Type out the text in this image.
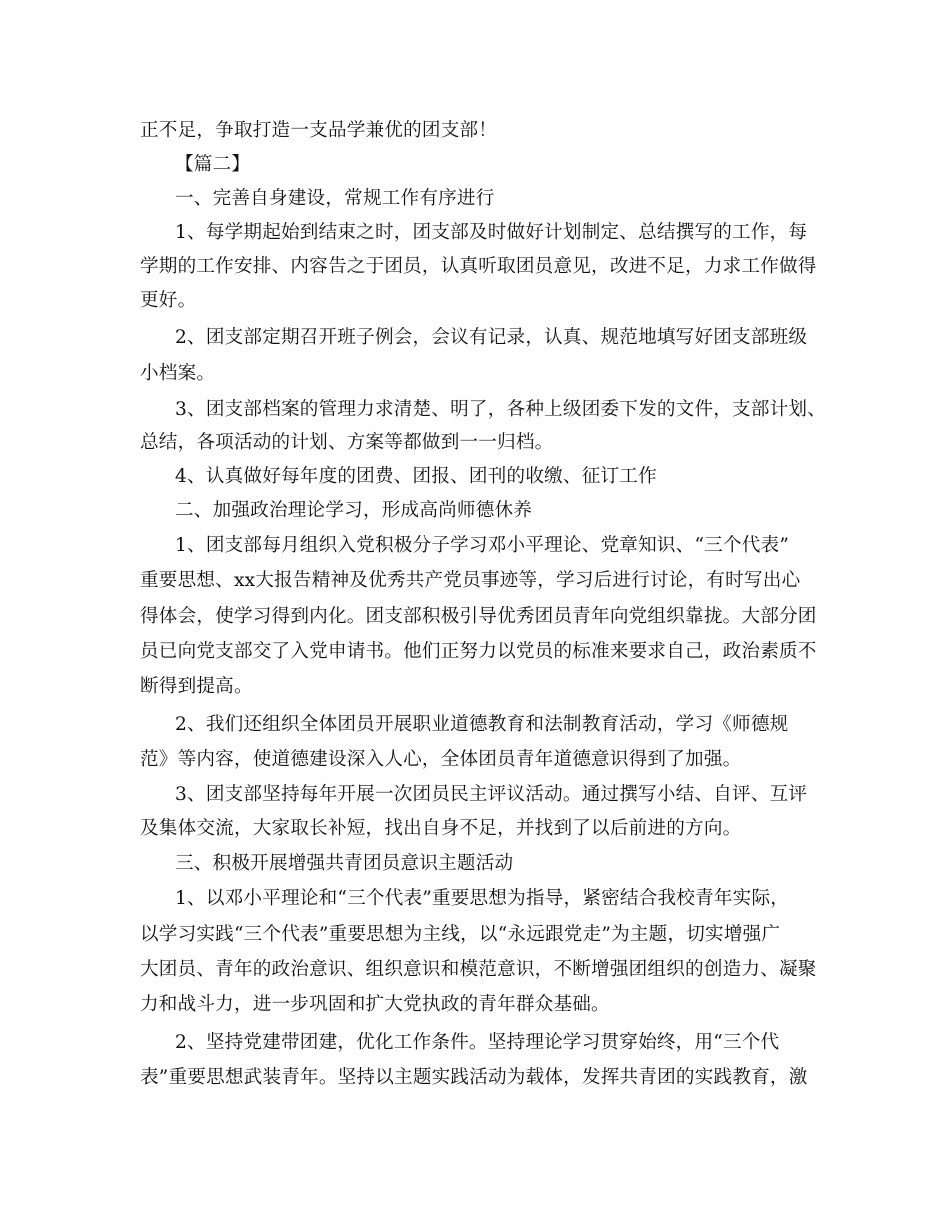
正不足，争取打造一支品学兼优的团支部！
【篇二】
一、完善自身建设，常规工作有序进行
1、每学期起始到结束之时，团支部及时做好计划制定、总结撰写的工作，每
学期的工作安排、内容告之于团员，认真听取团员意见，改进不足，力求工作做得
更好。
2、团支部定期召开班子例会，会议有记录，认真、规范地填写好团支部班级
小档案。
3、团支部档案的管理力求清楚、明了，各种上级团委下发的文件，支部计划、
总结，各项活动的计划、方案等都做到一一归档。
4、认真做好每年度的团费、团报、团刊的收缴、征订工作
二、加强政治理论学习，形成高尚师德休养
1、团支部每月组织入党积极分子学习邓小平理论、党章知识、“三个代表”
重要思想、xx大报告精神及优秀共产党员事迹等，学习后进行讨论，有时写出心
得体会，使学习得到内化。团支部积极引导优秀团员青年向党组织靠拢。大部分团
员已向党支部交了入党申请书。他们正努力以党员的标准来要求自己，政治素质不
断得到提高。
2、我们还组织全体团员开展职业道德教育和法制教育活动，学习《师德规
范》等内容，使道德建设深入人心，全体团员青年道德意识得到了加强。
3、团支部坚持每年开展一次团员民主评议活动。通过撰写小结、自评、互评
及集体交流，大家取长补短，找出自身不足，并找到了以后前进的方向。
三、积极开展增强共青团员意识主题活动
1、以邓小平理论和“三个代表”重要思想为指导，紧密结合我校青年实际，
以学习实践“三个代表”重要思想为主线，以“永远跟党走”为主题，切实增强广
大团员、青年的政治意识、组织意识和模范意识，不断增强团组织的创造力、凝聚
力和战斗力，进一步巩固和扩大党执政的青年群众基础。
2、坚持党建带团建，优化工作条件。坚持理论学习贯穿始终，用“三个代
表”重要思想武装青年。坚持以主题实践活动为载体，发挥共青团的实践教育，激
